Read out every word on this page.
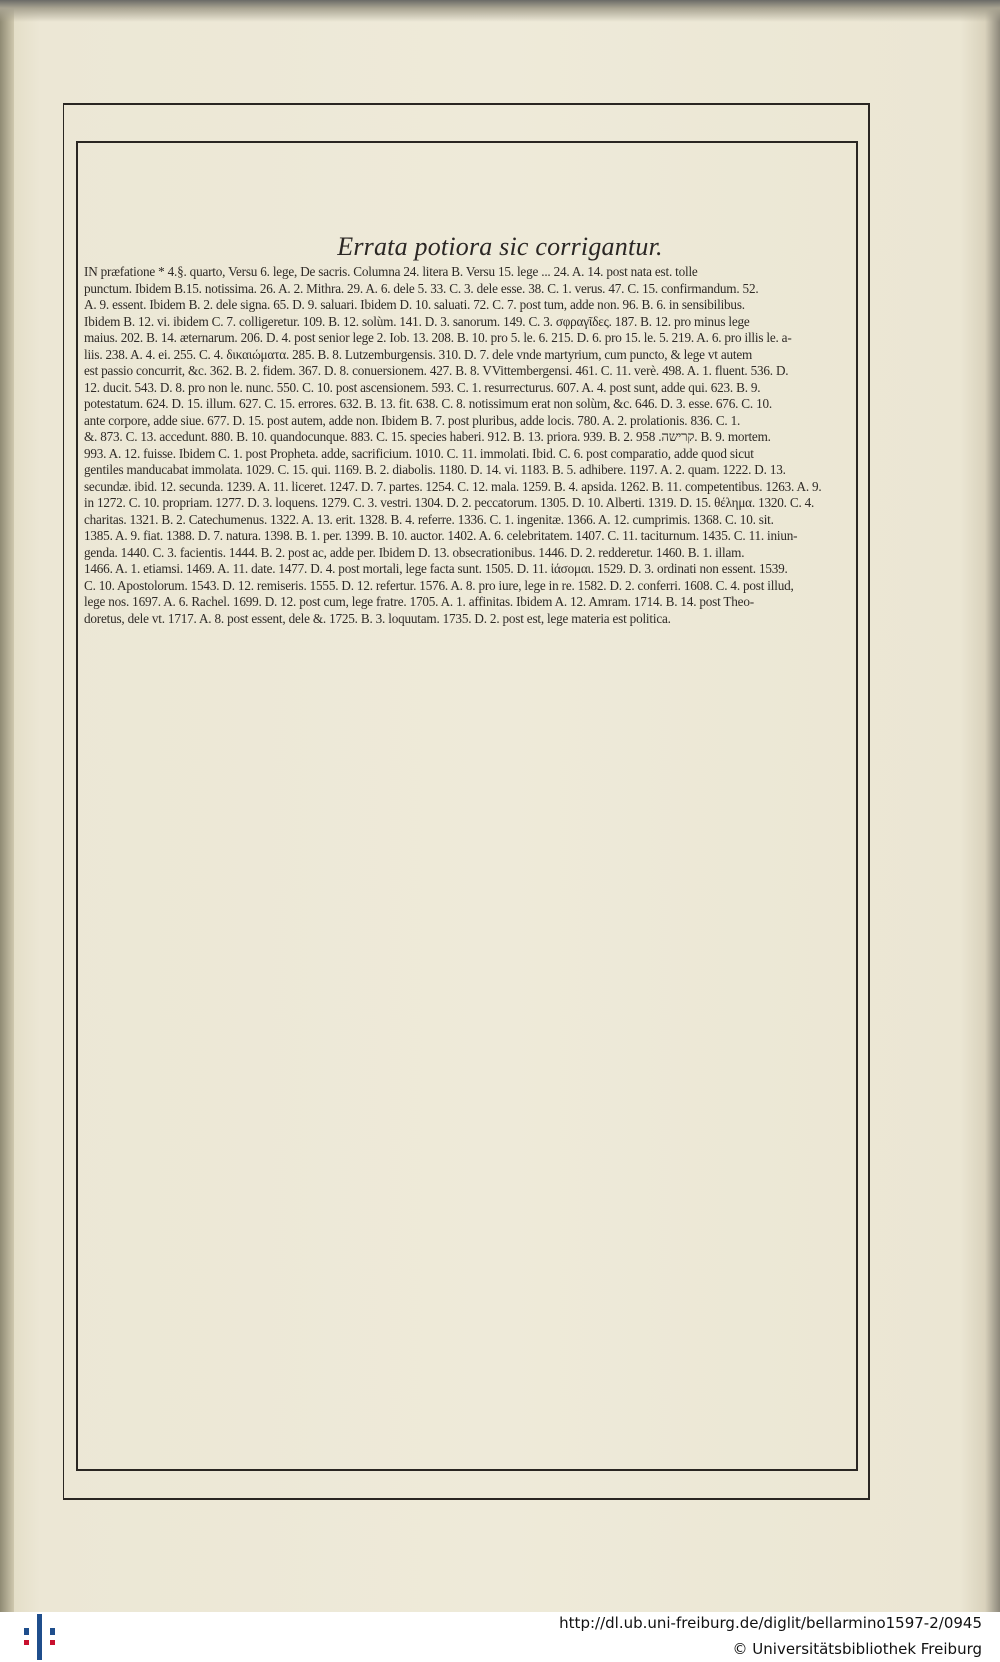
Errata potiora sic corrigantur.
IN præfatione * 4.§. quarto, Versu 6. lege, De sacris. Columna 24. litera B. Versu 15. lege ... 24. A. 14. post nata est. tolle
punctum. Ibidem B.15. notissima. 26. A. 2. Mithra. 29. A. 6. dele 5. 33. C. 3. dele esse. 38. C. 1. verus. 47. C. 15. confirmandum. 52.
A. 9. essent. Ibidem B. 2. dele signa. 65. D. 9. saluari. Ibidem D. 10. saluati. 72. C. 7. post tum, adde non. 96. B. 6. in sensibilibus.
Ibidem B. 12. vi. ibidem C. 7. colligeretur. 109. B. 12. solùm. 141. D. 3. sanorum. 149. C. 3. σφραγῖδες. 187. B. 12. pro minus lege
maius. 202. B. 14. æternarum. 206. D. 4. post senior lege 2. Iob. 13. 208. B. 10. pro 5. le. 6. 215. D. 6. pro 15. le. 5. 219. A. 6. pro illis le. a-
liis. 238. A. 4. ei. 255. C. 4. δικαιώματα. 285. B. 8. Lutzemburgensis. 310. D. 7. dele vnde martyrium, cum puncto, & lege vt autem
est passio concurrit, &c. 362. B. 2. fidem. 367. D. 8. conuersionem. 427. B. 8. VVittembergensi. 461. C. 11. verè. 498. A. 1. fluent. 536. D.
12. ducit. 543. D. 8. pro non le. nunc. 550. C. 10. post ascensionem. 593. C. 1. resurrecturus. 607. A. 4. post sunt, adde qui. 623. B. 9.
potestatum. 624. D. 15. illum. 627. C. 15. errores. 632. B. 13. fit. 638. C. 8. notissimum erat non solùm, &c. 646. D. 3. esse. 676. C. 10.
ante corpore, adde siue. 677. D. 15. post autem, adde non. Ibidem B. 7. post pluribus, adde locis. 780. A. 2. prolationis. 836. C. 1.
&. 873. C. 13. accedunt. 880. B. 10. quandocunque. 883. C. 15. species haberi. 912. B. 13. priora. 939. B. 2. קרישה. 958. B. 9. mortem.
993. A. 12. fuisse. Ibidem C. 1. post Propheta. adde, sacrificium. 1010. C. 11. immolati. Ibid. C. 6. post comparatio, adde quod sicut
gentiles manducabat immolata. 1029. C. 15. qui. 1169. B. 2. diabolis. 1180. D. 14. vi. 1183. B. 5. adhibere. 1197. A. 2. quam. 1222. D. 13.
secundæ. ibid. 12. secunda. 1239. A. 11. liceret. 1247. D. 7. partes. 1254. C. 12. mala. 1259. B. 4. apsida. 1262. B. 11. competentibus. 1263. A. 9.
in 1272. C. 10. propriam. 1277. D. 3. loquens. 1279. C. 3. vestri. 1304. D. 2. peccatorum. 1305. D. 10. Alberti. 1319. D. 15. θέλημα. 1320. C. 4.
charitas. 1321. B. 2. Catechumenus. 1322. A. 13. erit. 1328. B. 4. referre. 1336. C. 1. ingenitæ. 1366. A. 12. cumprimis. 1368. C. 10. sit.
1385. A. 9. fiat. 1388. D. 7. natura. 1398. B. 1. per. 1399. B. 10. auctor. 1402. A. 6. celebritatem. 1407. C. 11. taciturnum. 1435. C. 11. iniun-
genda. 1440. C. 3. facientis. 1444. B. 2. post ac, adde per. Ibidem D. 13. obsecrationibus. 1446. D. 2. redderetur. 1460. B. 1. illam.
1466. A. 1. etiamsi. 1469. A. 11. date. 1477. D. 4. post mortali, lege facta sunt. 1505. D. 11. ἰάσομαι. 1529. D. 3. ordinati non essent. 1539.
C. 10. Apostolorum. 1543. D. 12. remiseris. 1555. D. 12. refertur. 1576. A. 8. pro iure, lege in re. 1582. D. 2. conferri. 1608. C. 4. post illud,
lege nos. 1697. A. 6. Rachel. 1699. D. 12. post cum, lege fratre. 1705. A. 1. affinitas. Ibidem A. 12. Amram. 1714. B. 14. post Theo-
doretus, dele vt. 1717. A. 8. post essent, dele &. 1725. B. 3. loquutam. 1735. D. 2. post est, lege materia est politica.
http://dl.ub.uni-freiburg.de/diglit/bellarmino1597-2/0945
© Universitätsbibliothek Freiburg
